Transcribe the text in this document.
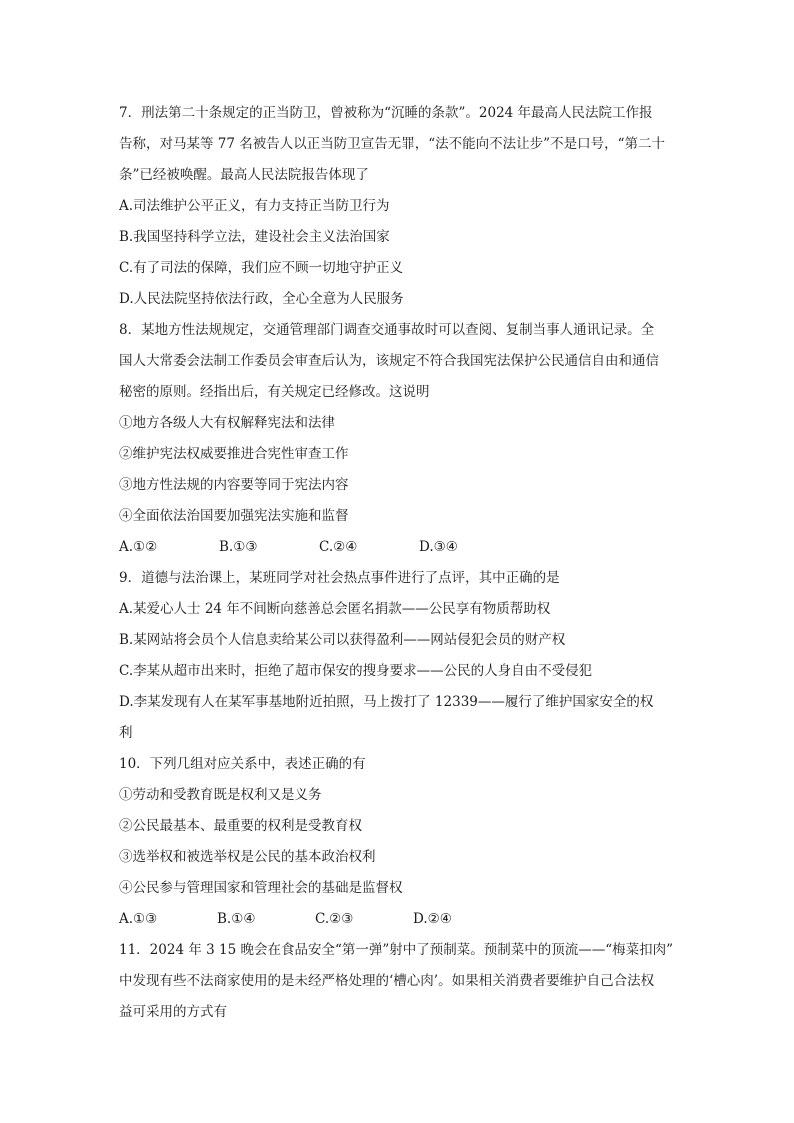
7．刑法第二十条规定的正当防卫，曾被称为“沉睡的条款”。2024 年最高人民法院工作报
告称，对马某等 77 名被告人以正当防卫宣告无罪，“法不能向不法让步”不是口号，“第二十
条”已经被唤醒。最高人民法院报告体现了
A.司法维护公平正义，有力支持正当防卫行为
B.我国坚持科学立法，建设社会主义法治国家
C.有了司法的保障，我们应不顾一切地守护正义
D.人民法院坚持依法行政，全心全意为人民服务
8．某地方性法规规定，交通管理部门调查交通事故时可以查阅、复制当事人通讯记录。全
国人大常委会法制工作委员会审查后认为，该规定不符合我国宪法保护公民通信自由和通信
秘密的原则。经指出后，有关规定已经修改。这说明
①地方各级人大有权解释宪法和法律
②维护宪法权威要推进合宪性审查工作
③地方性法规的内容要等同于宪法内容
④全面依法治国要加强宪法实施和监督
A.①②	B.①③	C.②④	D.③④
9．道德与法治课上，某班同学对社会热点事件进行了点评，其中正确的是
A.某爱心人士 24 年不间断向慈善总会匿名捐款——公民享有物质帮助权
B.某网站将会员个人信息卖给某公司以获得盈利——网站侵犯会员的财产权
C.李某从超市出来时，拒绝了超市保安的搜身要求——公民的人身自由不受侵犯
D.李某发现有人在某军事基地附近拍照，马上拨打了 12339——履行了维护国家安全的权
利
10．下列几组对应关系中，表述正确的有
①劳动和受教育既是权利又是义务
②公民最基本、最重要的权利是受教育权
③选举权和被选举权是公民的基本政治权利
④公民参与管理国家和管理社会的基础是监督权
A.①③	B.①④	C.②③	D.②④
11．2024 年 3 15 晚会在食品安全“第一弹”射中了预制菜。预制菜中的顶流——“梅菜扣肉”
中发现有些不法商家使用的是未经严格处理的‘槽心肉’。如果相关消费者要维护自己合法权
益可采用的方式有
